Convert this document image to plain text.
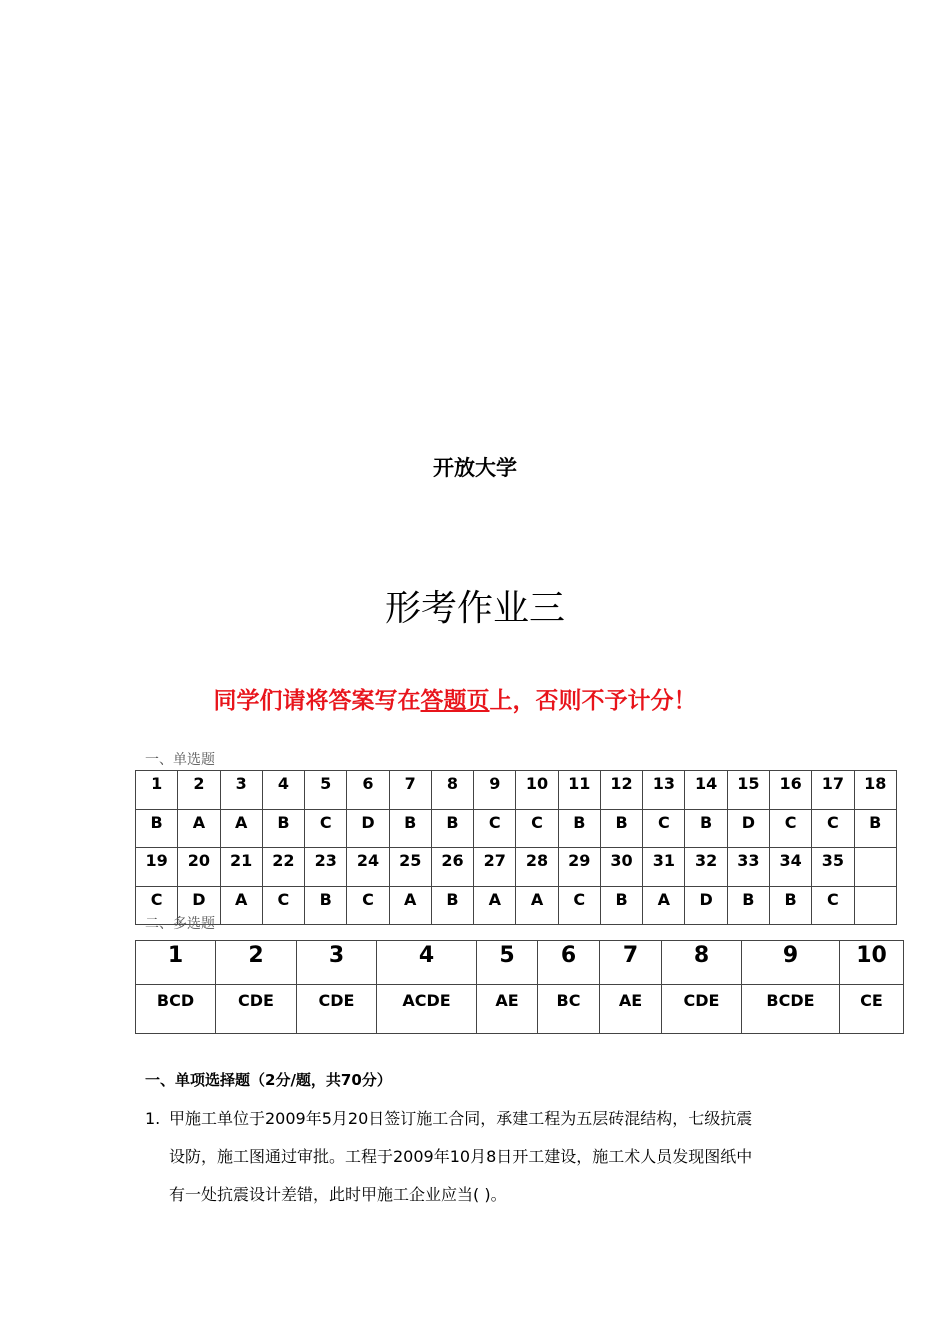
开放大学
形考作业三
同学们请将答案写在答题页上，否则不予计分！
一、单选题
1	2	3	4	5	6	7	8	9	10	11	12	13	14	15	16	17	18
B	A	A	B	C	D	B	B	C	C	B	B	C	B	D	C	C	B
19	20	21	22	23	24	25	26	27	28	29	30	31	32	33	34	35	
C	D	A	C	B	C	A	B	A	A	C	B	A	D	B	B	C	
二、多选题
1	2	3	4	5	6	7	8	9	10
BCD	CDE	CDE	ACDE	AE	BC	AE	CDE	BCDE	CE
一、单项选择题（2分/题，共70分）
1. 甲施工单位于2009年5月20日签订施工合同，承建工程为五层砖混结构，七级抗震
设防，施工图通过审批。工程于2009年10月8日开工建设，施工术人员发现图纸中
有一处抗震设计差错，此时甲施工企业应当( )。
